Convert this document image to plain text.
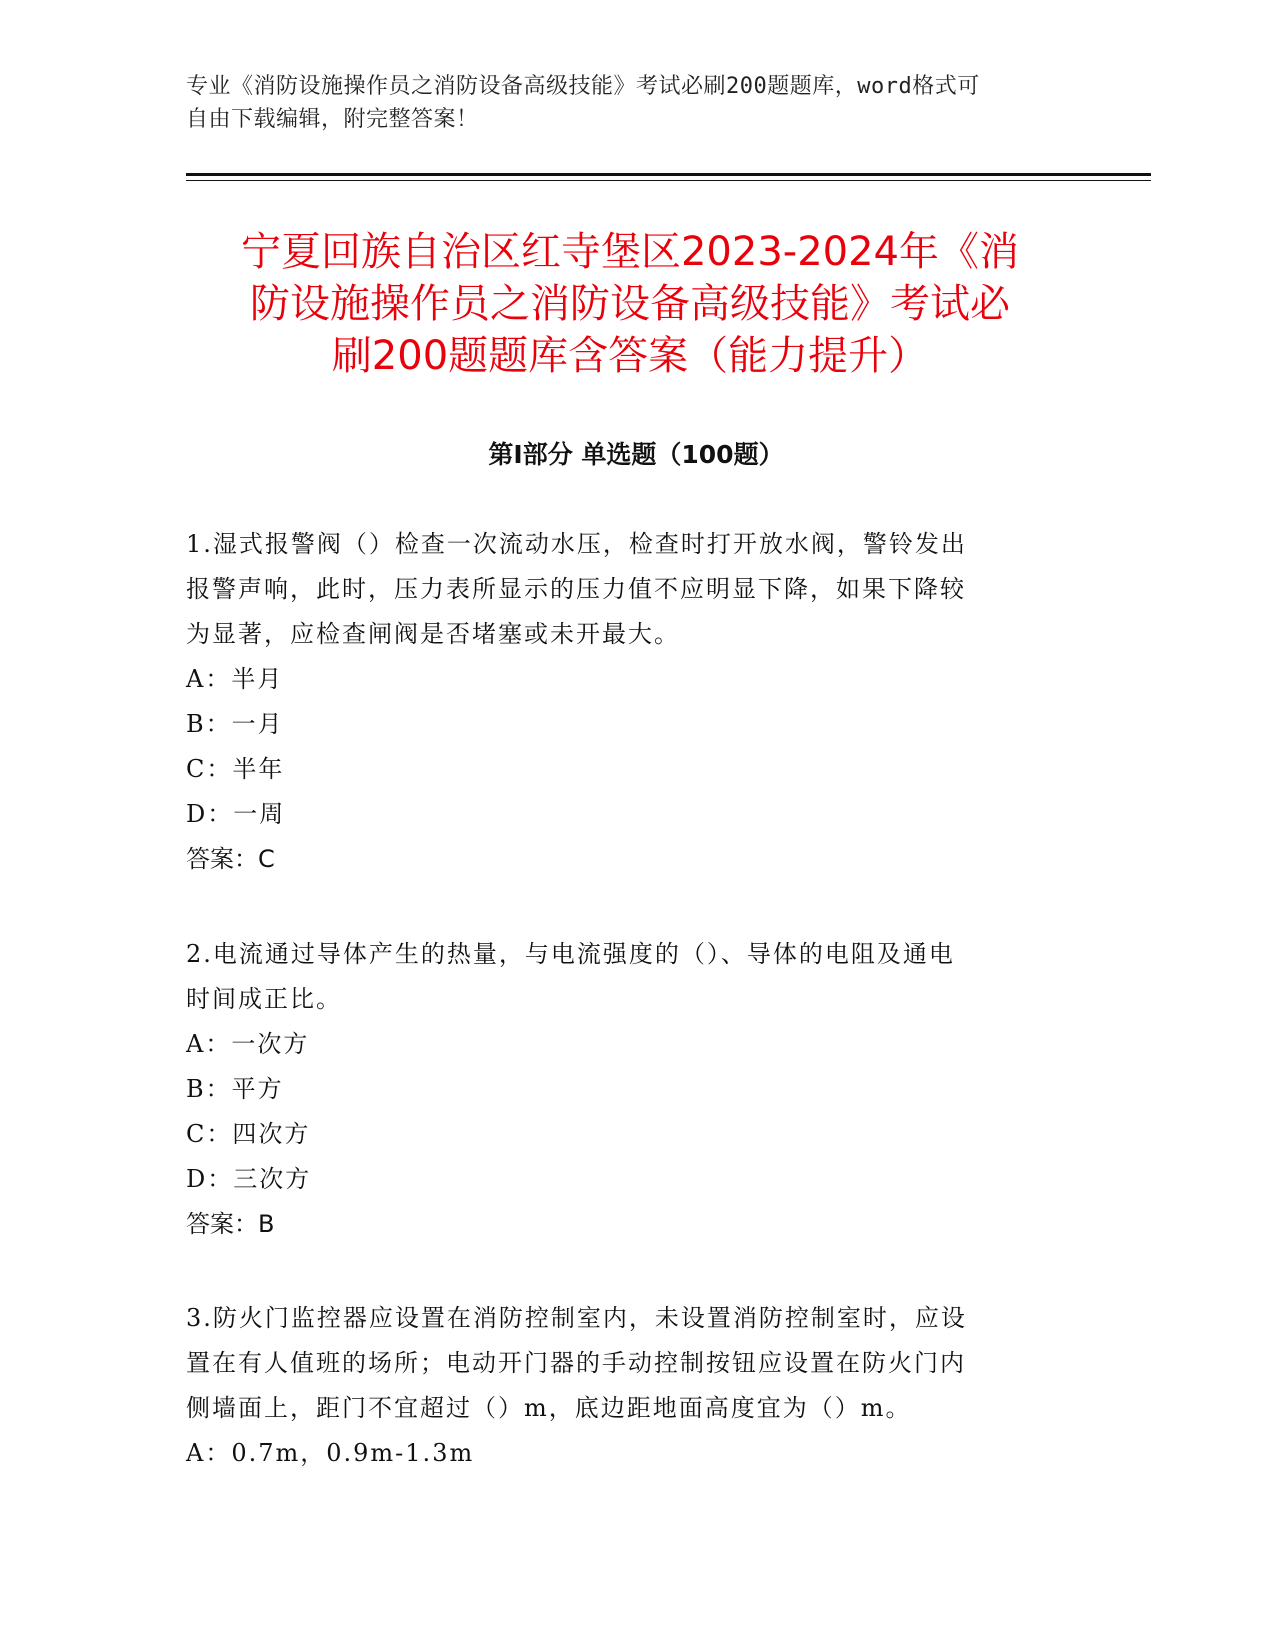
专业《消防设施操作员之消防设备高级技能》考试必刷200题题库，word格式可
自由下载编辑，附完整答案！
宁夏回族自治区红寺堡区2023-2024年《消
防设施操作员之消防设备高级技能》考试必
刷200题题库含答案（能力提升）
第Ⅰ部分 单选题（100题）

1.湿式报警阀（）检查一次流动水压，检查时打开放水阀，警铃发出

报警声响，此时，压力表所显示的压力值不应明显下降，如果下降较

为显著，应检查闸阀是否堵塞或未开最大。

A：半月

B：一月

C：半年

D：一周

答案：C

2.电流通过导体产生的热量，与电流强度的（）、导体的电阻及通电

时间成正比。

A：一次方

B：平方

C：四次方

D：三次方

答案：B

3.防火门监控器应设置在消防控制室内，未设置消防控制室时，应设

置在有人值班的场所；电动开门器的手动控制按钮应设置在防火门内

侧墙面上，距门不宜超过（）m，底边距地面高度宜为（）m。

A：0.7m，0.9m-1.3m
